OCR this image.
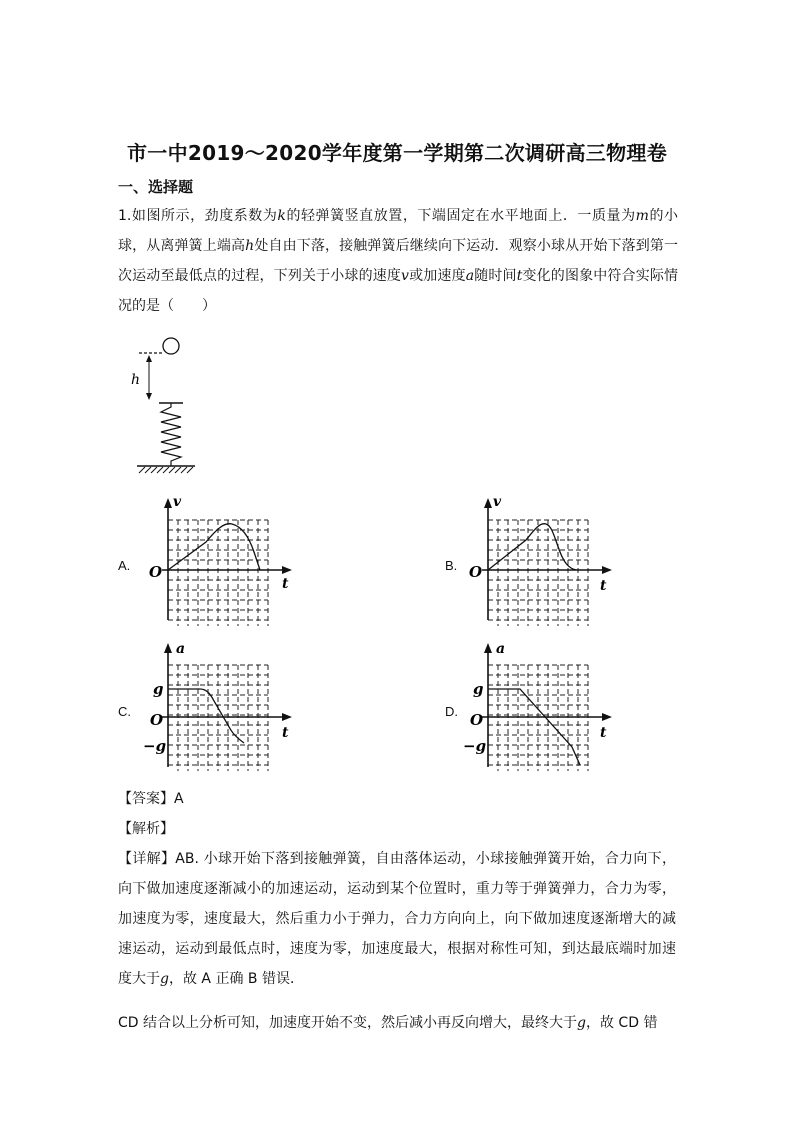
市一中2019～2020学年度第一学期第二次调研高三物理卷
一、选择题
1.如图所示，劲度系数为k的轻弹簧竖直放置，下端固定在水平地面上．一质量为m的小球，从离弹簧上端高h处自由下落，接触弹簧后继续向下运动．观察小球从开始下落到第一次运动至最低点的过程，下列关于小球的速度v或加速度a随时间t变化的图象中符合实际情况的是（　　）
h
A.	B.
C.	D.
v
t
O
v
t
O
a
t
O
g
−g
a
t
O
g
−g
【答案】A
【解析】
【详解】AB. 小球开始下落到接触弹簧，自由落体运动，小球接触弹簧开始，合力向下，向下做加速度逐渐减小的加速运动，运动到某个位置时，重力等于弹簧弹力，合力为零，加速度为零，速度最大，然后重力小于弹力，合力方向向上，向下做加速度逐渐增大的减速运动，运动到最低点时，速度为零，加速度最大，根据对称性可知，到达最底端时加速度大于g，故 A 正确 B 错误．
CD 结合以上分析可知，加速度开始不变，然后减小再反向增大，最终大于g，故 CD 错
